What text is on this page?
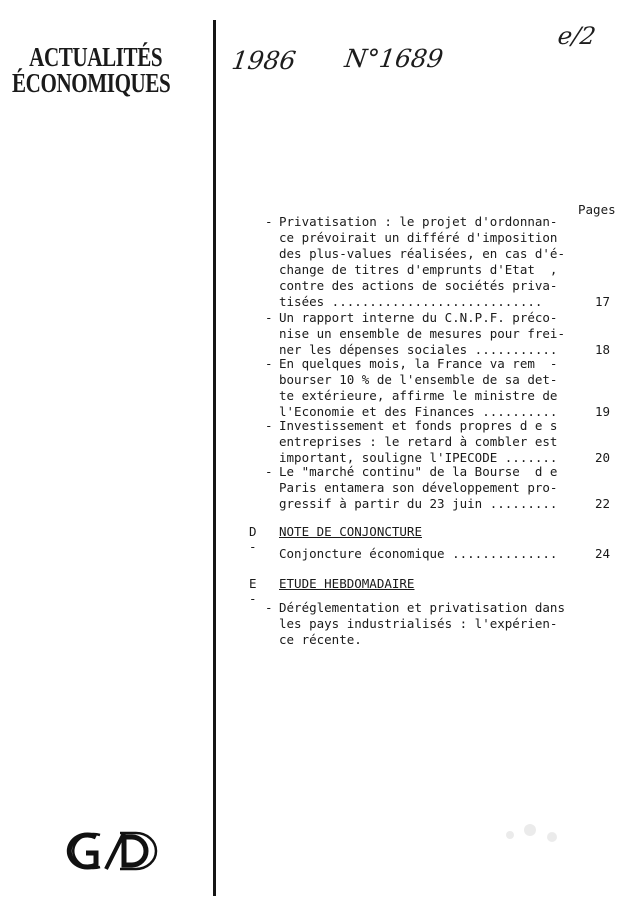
ACTUALITÉS
ÉCONOMIQUES
1986 N°1689
e/2
Pages
- Privatisation : le projet d'ordonnan-
ce prévoirait un différé d'imposition
des plus-values réalisées, en cas d'é-
change de titres d'emprunts d'Etat  ,
contre des actions de sociétés priva-
tisées ............................	17
- Un rapport interne du C.N.P.F. préco-
nise un ensemble de mesures pour frei-
ner les dépenses sociales ...........	18
- En quelques mois, la France va rem  -
bourser 10 % de l'ensemble de sa det-
te extérieure, affirme le ministre de
l'Economie et des Finances ..........	19
- Investissement et fonds propres d e s
entreprises : le retard à combler est
important, souligne l'IPECODE .......	20
- Le "marché continu" de la Bourse  d e
Paris entamera son développement pro-
gressif à partir du 23 juin .........	22
D -
NOTE DE CONJONCTURE
Conjoncture économique ..............	24
E -
ETUDE HEBDOMADAIRE
- Déréglementation et privatisation dans
les pays industrialisés : l'expérien-
ce récente.
